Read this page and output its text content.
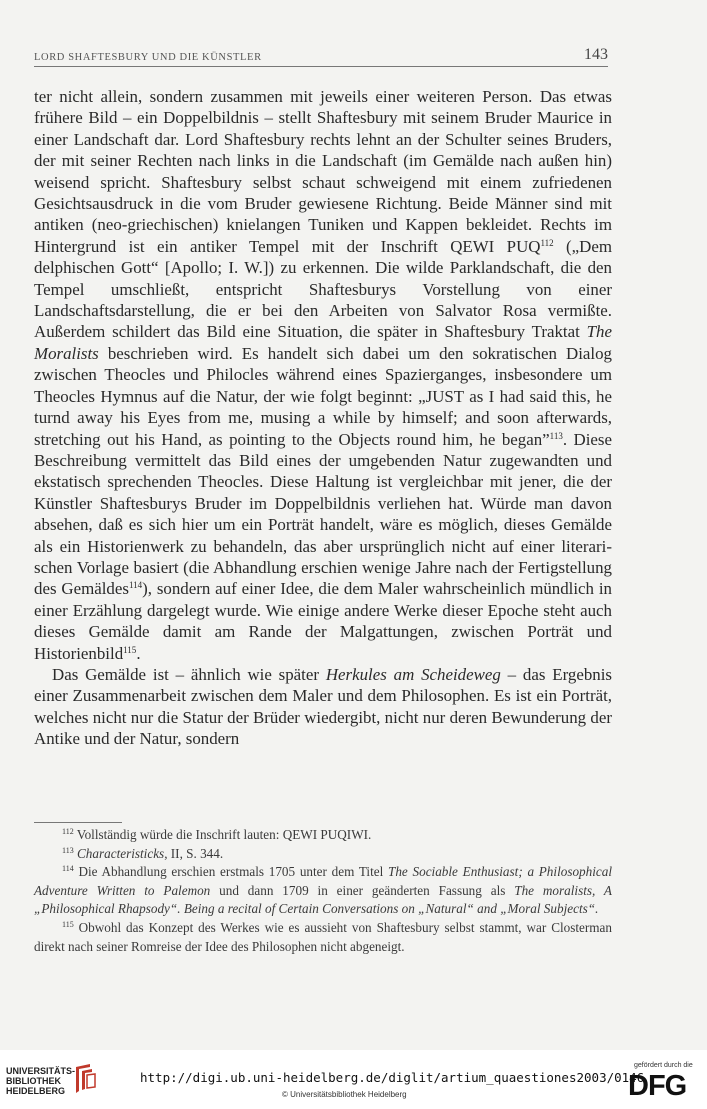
LORD SHAFTESBURY UND DIE KÜNSTLER	143

ter nicht allein, sondern zusammen mit jeweils einer weiteren Person. Das etwas frühere Bild – ein Doppelbildnis – stellt Shaftesbury mit seinem Bruder Maurice in einer Landschaft dar. Lord Shaftesbury rechts lehnt an der Schulter seines Bruders, der mit seiner Rechten nach links in die Landschaft (im Gemälde nach außen hin) weisend spricht. Shaftesbury selbst schaut schweigend mit einem zufriedenen Gesichtsausdruck in die vom Bruder gewiesene Richtung. Beide Männer sind mit antiken (neo-griechischen) knielangen Tuniken und Kappen bekleidet. Rechts im Hintergrund ist ein antiker Tempel mit der Inschrift QEWI PUQ$^{112}$ („Dem delphischen Gott“ [Apollo; I. W.]) zu erkennen. Die wilde Parklandschaft, die den Tempel umschließt, entspricht Shaftesburys Vorstellung von einer Landschaftsdarstellung, die er bei den Arbeiten von Salvator Rosa vermißte. Außerdem schildert das Bild eine Situation, die später in Shaftesbury Traktat The Moralists beschrieben wird. Es handelt sich dabei um den sokratischen Dialog zwischen Theocles und Philocles während eines Spazierganges, insbesondere um Theocles Hymnus auf die Natur, der wie folgt beginnt: „JUST as I had said this, he turnd away his Eyes from me, musing a while by himself; and soon afterwards, stretching out his Hand, as pointing to the Objects round him, he began”$^{113}$. Diese Beschreibung vermittelt das Bild eines der umgebenden Natur zugewandten und ekstatisch sprechenden Theocles. Diese Haltung ist vergleichbar mit jener, die der Künstler Shaftesburys Bruder im Doppelbildnis verliehen hat. Würde man davon absehen, daß es sich hier um ein Porträt handelt, wäre es möglich, dieses Gemälde als ein Historienwerk zu behandeln, das aber ursprünglich nicht auf einer literarischen Vorlage basiert (die Abhandlung erschien wenige Jahre nach der Fertigstellung des Gemäldes$^{114}$), sondern auf einer Idee, die dem Maler wahrscheinlich mündlich in einer Erzählung dargelegt wurde. Wie einige andere Werke dieser Epoche steht auch dieses Gemälde damit am Rande der Malgattungen, zwischen Porträt und Historienbild$^{115}$.

Das Gemälde ist – ähnlich wie später Herkules am Scheideweg – das Ergebnis einer Zusammenarbeit zwischen dem Maler und dem Philosophen. Es ist ein Porträt, welches nicht nur die Statur der Brüder wiedergibt, nicht nur deren Bewunderung der Antike und der Natur, sondern

$^{112}$ Vollständig würde die Inschrift lauten: QEWI PUQIWI.

$^{113}$ Characteristicks, II, S. 344.

$^{114}$ Die Abhandlung erschien erstmals 1705 unter dem Titel The Sociable Enthusiast; a Philosophical Adventure Written to Palemon und dann 1709 in einer geänderten Fassung als The moralists, A „Philosophical Rhapsody“. Being a recital of Certain Conversations on „Natural“ and „Moral Subjects“.

$^{115}$ Obwohl das Konzept des Werkes wie es aussieht von Shaftesbury selbst stammt, war Closterman direkt nach seiner Romreise der Idee des Philosophen nicht abgeneigt.

UNIVERSITÄTS-
BIBLIOTHEK
HEIDELBERG
http://digi.ub.uni-heidelberg.de/diglit/artium_quaestiones2003/0146
© Universitätsbibliothek Heidelberg
gefördert durch die
DFG
